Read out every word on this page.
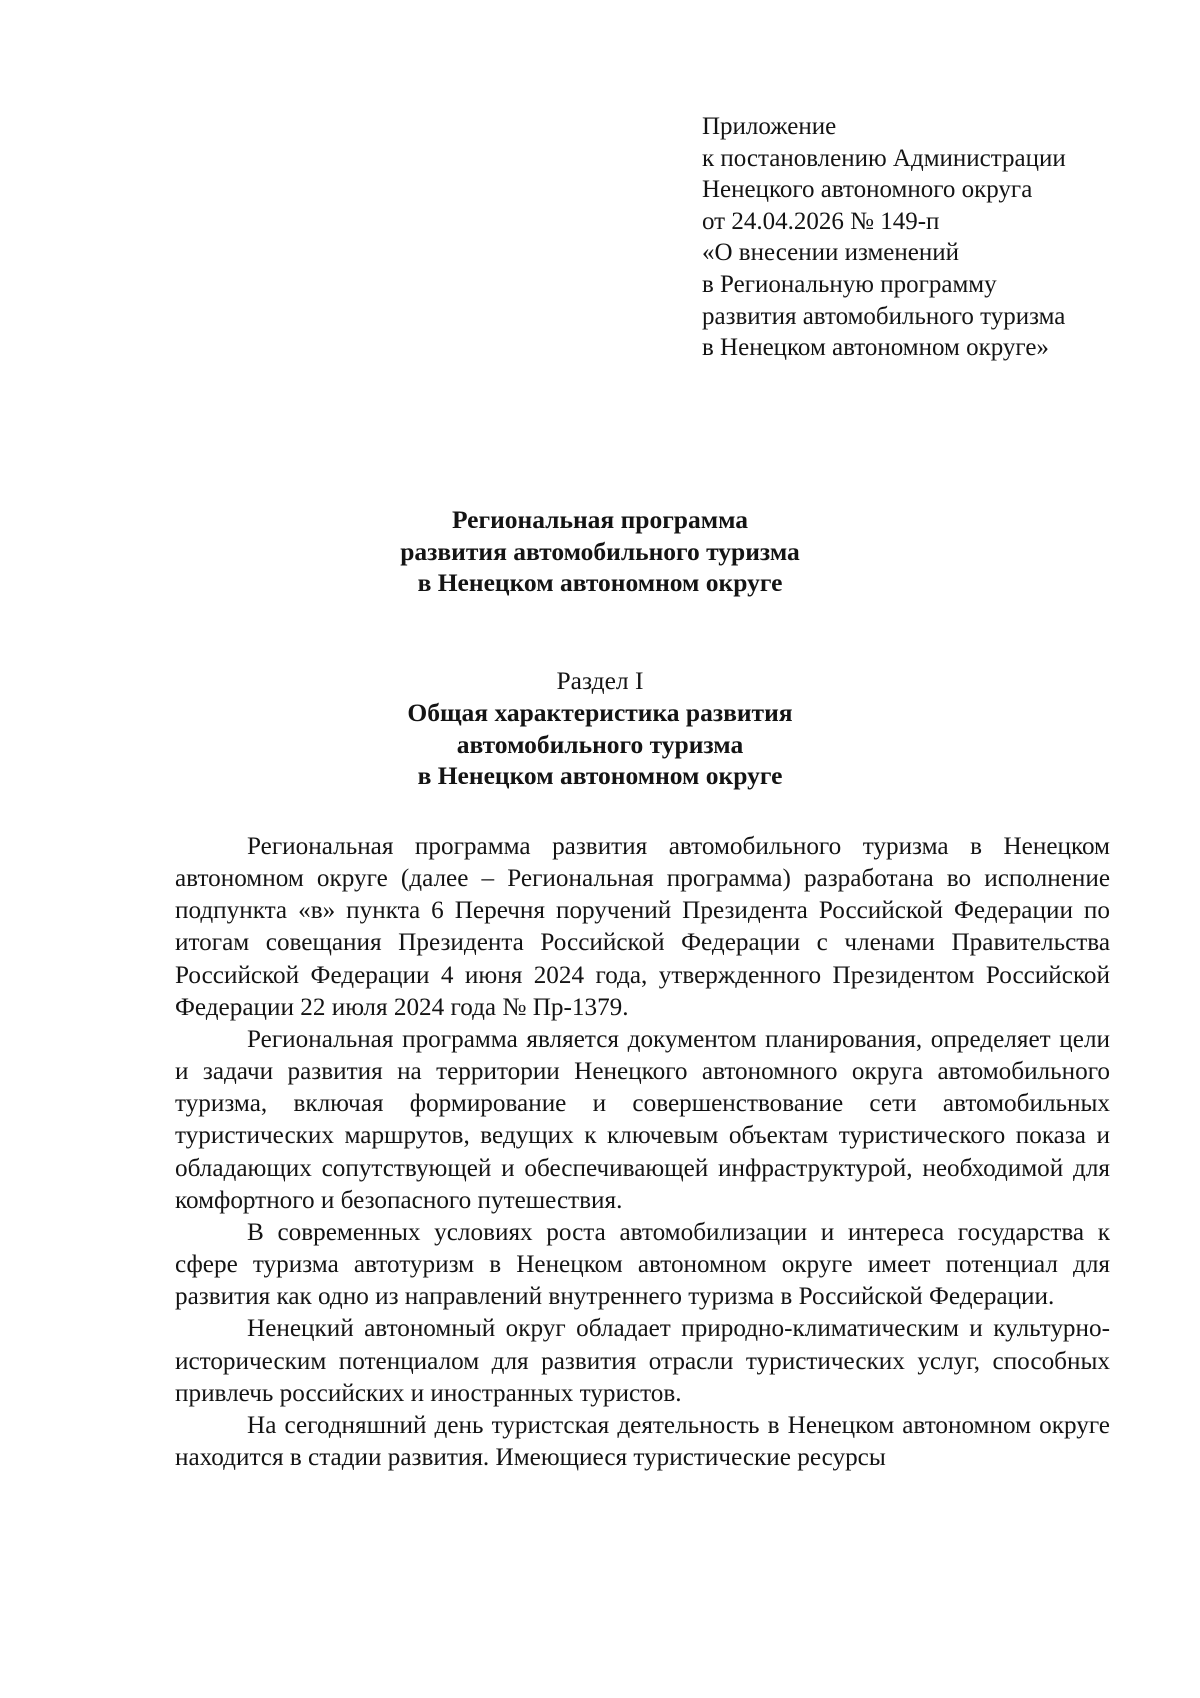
Приложение
к постановлению Администрации
Ненецкого автономного округа
от 24.04.2026 № 149-п
«О внесении изменений
в Региональную программу
развития автомобильного туризма
в Ненецком автономном округе»
Региональная программа
развития автомобильного туризма
в Ненецком автономном округе
Раздел I
Общая характеристика развития
автомобильного туризма
в Ненецком автономном округе

Региональная программа развития автомобильного туризма в Ненецком автономном округе (далее – Региональная программа) разработана во исполнение подпункта «в» пункта 6 Перечня поручений Президента Российской Федерации по итогам совещания Президента Российской Федерации с членами Правительства Российской Федерации 4 июня 2024 года, утвержденного Президентом Российской Федерации 22 июля 2024 года № Пр-1379.

Региональная программа является документом планирования, определяет цели и задачи развития на территории Ненецкого автономного округа автомобильного туризма, включая формирование и совершенствование сети автомобильных туристических маршрутов, ведущих к ключевым объектам туристического показа и обладающих сопутствующей и обеспечивающей инфраструктурой, необходимой для комфортного и безопасного путешествия.

В современных условиях роста автомобилизации и интереса государства к сфере туризма автотуризм в Ненецком автономном округе имеет потенциал для развития как одно из направлений внутреннего туризма в Российской Федерации.

Ненецкий автономный округ обладает природно-климатическим и культурно-историческим потенциалом для развития отрасли туристических услуг, способных привлечь российских и иностранных туристов.

На сегодняшний день туристская деятельность в Ненецком автономном округе находится в стадии развития. Имеющиеся туристические ресурсы
